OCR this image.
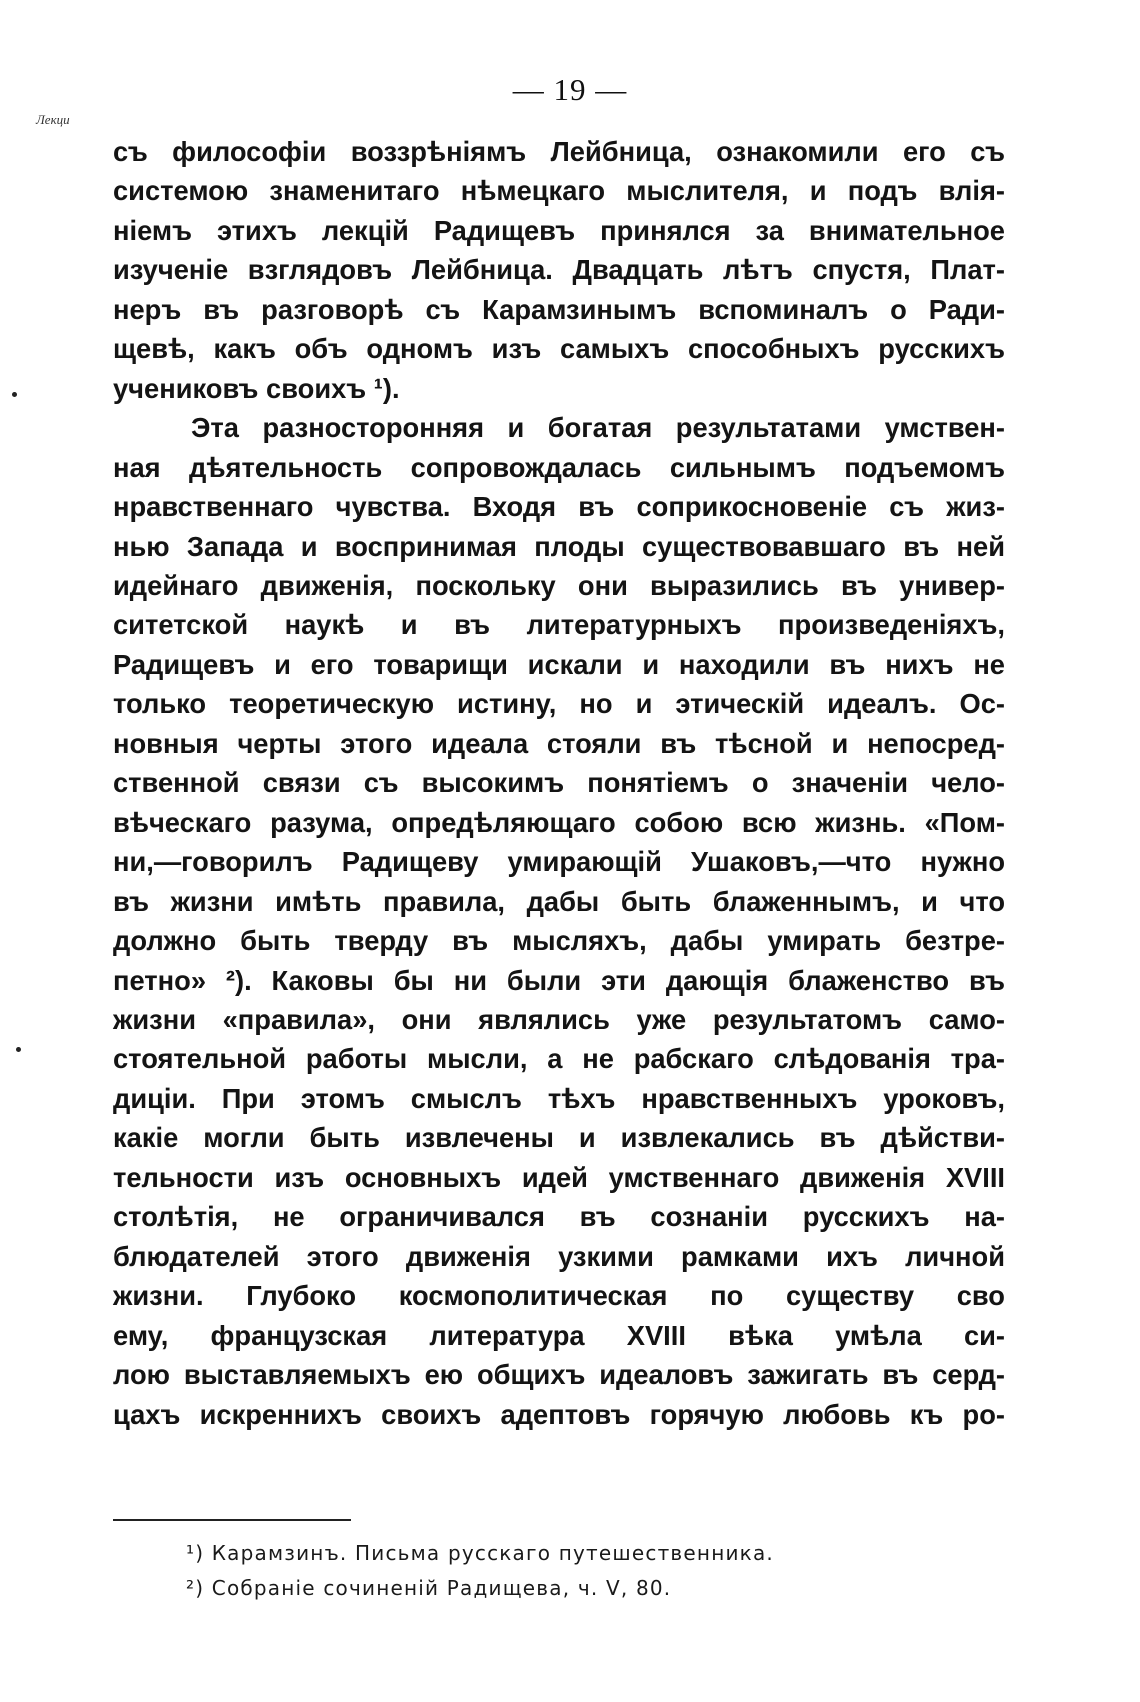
— 19 —
Лекци
съ философіи воззрѣніямъ Лейбница, ознакомили его съ
системою знаменитаго нѣмецкаго мыслителя, и подъ влія-
ніемъ этихъ лекцій Радищевъ принялся за внимательное
изученіе взглядовъ Лейбница. Двадцать лѣтъ спустя, Плат-
неръ въ разговорѣ съ Карамзинымъ вспоминалъ о Ради-
щевѣ, какъ объ одномъ изъ самыхъ способныхъ русскихъ
учениковъ своихъ ¹).
Эта разносторонняя и богатая результатами умствен-
ная дѣятельность сопровождалась сильнымъ подъемомъ
нравственнаго чувства. Входя въ соприкосновеніе съ жиз-
нью Запада и воспринимая плоды существовавшаго въ ней
идейнаго движенія, поскольку они выразились въ универ-
ситетской наукѣ и въ литературныхъ произведеніяхъ,
Радищевъ и его товарищи искали и находили въ нихъ не
только теоретическую истину, но и этическій идеалъ. Ос-
новныя черты этого идеала стояли въ тѣсной и непосред-
ственной связи съ высокимъ понятіемъ о значеніи чело-
вѣческаго разума, опредѣляющаго собою всю жизнь. «Пом-
ни,—говорилъ Радищеву умирающій Ушаковъ,—что нужно
въ жизни имѣть правила, дабы быть блаженнымъ, и что
должно быть тверду въ мысляхъ, дабы умирать безтре-
петно» ²). Каковы бы ни были эти дающія блаженство въ
жизни «правила», они являлись уже результатомъ само-
стоятельной работы мысли, а не рабскаго слѣдованія тра-
диціи. При этомъ смыслъ тѣхъ нравственныхъ уроковъ,
какіе могли быть извлечены и извлекались въ дѣйстви-
тельности изъ основныхъ идей умственнаго движенія XVIII
столѣтія, не ограничивался въ сознаніи русскихъ на-
блюдателей этого движенія узкими рамками ихъ личной
жизни. Глубоко космополитическая по существу сво
ему, французская литература XVIII вѣка умѣла си-
лою выставляемыхъ ею общихъ идеаловъ зажигать въ серд-
цахъ искреннихъ своихъ адептовъ горячую любовь къ ро-
¹) Карамзинъ. Письма русскаго путешественника.
²) Собраніе сочиненій Радищева, ч. V, 80.
